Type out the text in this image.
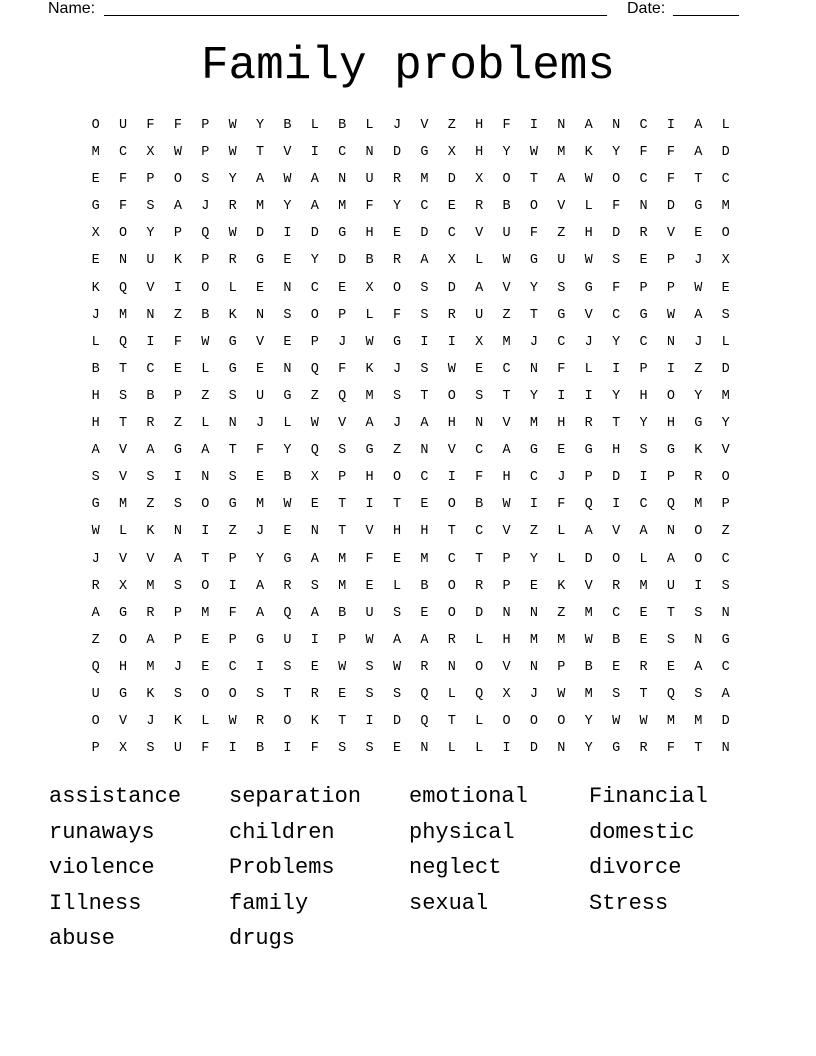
Name:	Date:
Family problems
O	U	F	F	P	W	Y	B	L	B	L	J	V	Z	H	F	I	N	A	N	C	I	A	L
M	C	X	W	P	W	T	V	I	C	N	D	G	X	H	Y	W	M	K	Y	F	F	A	D
E	F	P	O	S	Y	A	W	A	N	U	R	M	D	X	O	T	A	W	O	C	F	T	C
G	F	S	A	J	R	M	Y	A	M	F	Y	C	E	R	B	O	V	L	F	N	D	G	M
X	O	Y	P	Q	W	D	I	D	G	H	E	D	C	V	U	F	Z	H	D	R	V	E	O
E	N	U	K	P	R	G	E	Y	D	B	R	A	X	L	W	G	U	W	S	E	P	J	X
K	Q	V	I	O	L	E	N	C	E	X	O	S	D	A	V	Y	S	G	F	P	P	W	E
J	M	N	Z	B	K	N	S	O	P	L	F	S	R	U	Z	T	G	V	C	G	W	A	S
L	Q	I	F	W	G	V	E	P	J	W	G	I	I	X	M	J	C	J	Y	C	N	J	L
B	T	C	E	L	G	E	N	Q	F	K	J	S	W	E	C	N	F	L	I	P	I	Z	D
H	S	B	P	Z	S	U	G	Z	Q	M	S	T	O	S	T	Y	I	I	Y	H	O	Y	M
H	T	R	Z	L	N	J	L	W	V	A	J	A	H	N	V	M	H	R	T	Y	H	G	Y
A	V	A	G	A	T	F	Y	Q	S	G	Z	N	V	C	A	G	E	G	H	S	G	K	V
S	V	S	I	N	S	E	B	X	P	H	O	C	I	F	H	C	J	P	D	I	P	R	O
G	M	Z	S	O	G	M	W	E	T	I	T	E	O	B	W	I	F	Q	I	C	Q	M	P
W	L	K	N	I	Z	J	E	N	T	V	H	H	T	C	V	Z	L	A	V	A	N	O	Z
J	V	V	A	T	P	Y	G	A	M	F	E	M	C	T	P	Y	L	D	O	L	A	O	C
R	X	M	S	O	I	A	R	S	M	E	L	B	O	R	P	E	K	V	R	M	U	I	S
A	G	R	P	M	F	A	Q	A	B	U	S	E	O	D	N	N	Z	M	C	E	T	S	N
Z	O	A	P	E	P	G	U	I	P	W	A	A	R	L	H	M	M	W	B	E	S	N	G
Q	H	M	J	E	C	I	S	E	W	S	W	R	N	O	V	N	P	B	E	R	E	A	C
U	G	K	S	O	O	S	T	R	E	S	S	Q	L	Q	X	J	W	M	S	T	Q	S	A
O	V	J	K	L	W	R	O	K	T	I	D	Q	T	L	O	O	O	Y	W	W	M	M	D
P	X	S	U	F	I	B	I	F	S	S	E	N	L	L	I	D	N	Y	G	R	F	T	N
assistance	separation	emotional	Financial
runaways	children	physical	domestic
violence	Problems	neglect	divorce
Illness	family	sexual	Stress
abuse	drugs
